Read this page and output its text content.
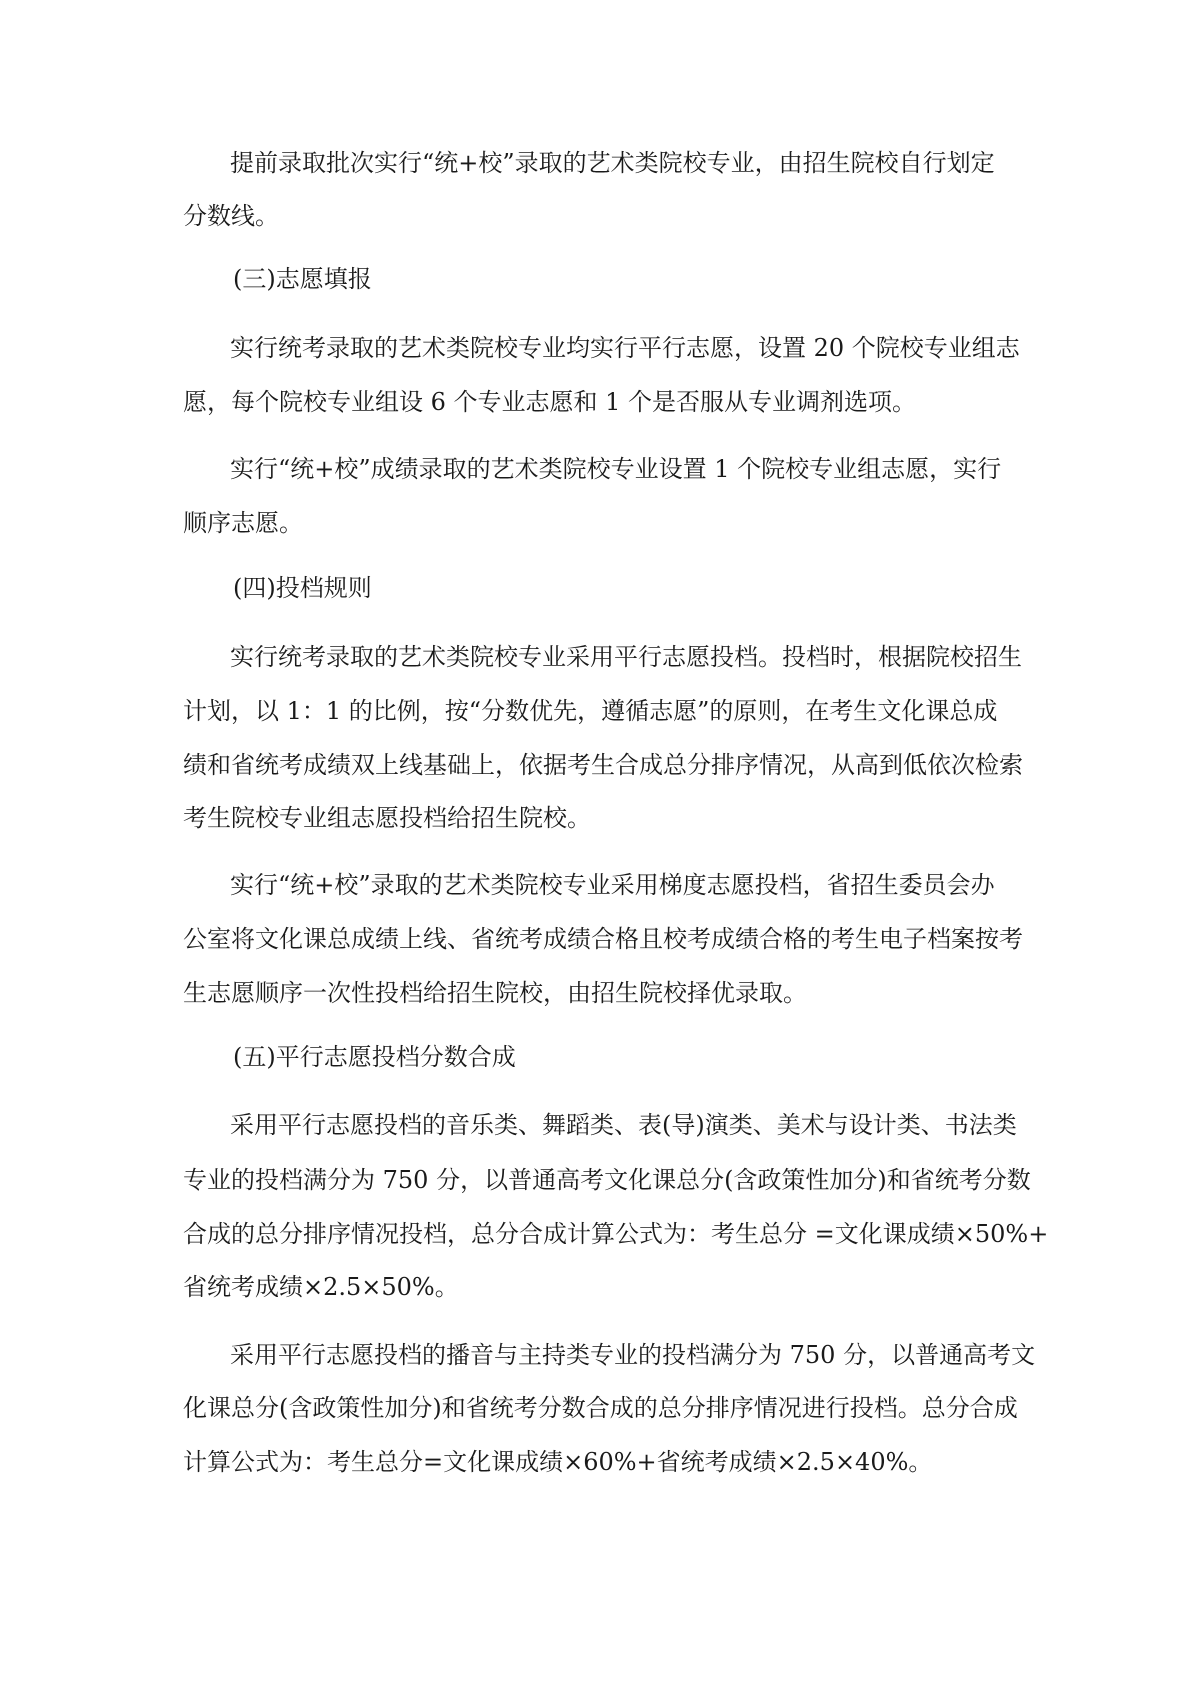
提前录取批次实行“统+校”录取的艺术类院校专业，由招生院校自行划定

分数线。

(三)志愿填报

实行统考录取的艺术类院校专业均实行平行志愿，设置 20 个院校专业组志

愿，每个院校专业组设 6 个专业志愿和 1 个是否服从专业调剂选项。

实行“统+校”成绩录取的艺术类院校专业设置 1 个院校专业组志愿，实行

顺序志愿。

(四)投档规则

实行统考录取的艺术类院校专业采用平行志愿投档。投档时，根据院校招生

计划，以 1：1 的比例，按“分数优先，遵循志愿”的原则，在考生文化课总成

绩和省统考成绩双上线基础上，依据考生合成总分排序情况，从高到低依次检索

考生院校专业组志愿投档给招生院校。

实行“统+校”录取的艺术类院校专业采用梯度志愿投档，省招生委员会办

公室将文化课总成绩上线、省统考成绩合格且校考成绩合格的考生电子档案按考

生志愿顺序一次性投档给招生院校，由招生院校择优录取。

(五)平行志愿投档分数合成

采用平行志愿投档的音乐类、舞蹈类、表(导)演类、美术与设计类、书法类

专业的投档满分为 750 分，以普通高考文化课总分(含政策性加分)和省统考分数

合成的总分排序情况投档，总分合成计算公式为：考生总分 =文化课成绩×50%+

省统考成绩×2.5×50%。

采用平行志愿投档的播音与主持类专业的投档满分为 750 分，以普通高考文

化课总分(含政策性加分)和省统考分数合成的总分排序情况进行投档。总分合成

计算公式为：考生总分=文化课成绩×60%+省统考成绩×2.5×40%。
